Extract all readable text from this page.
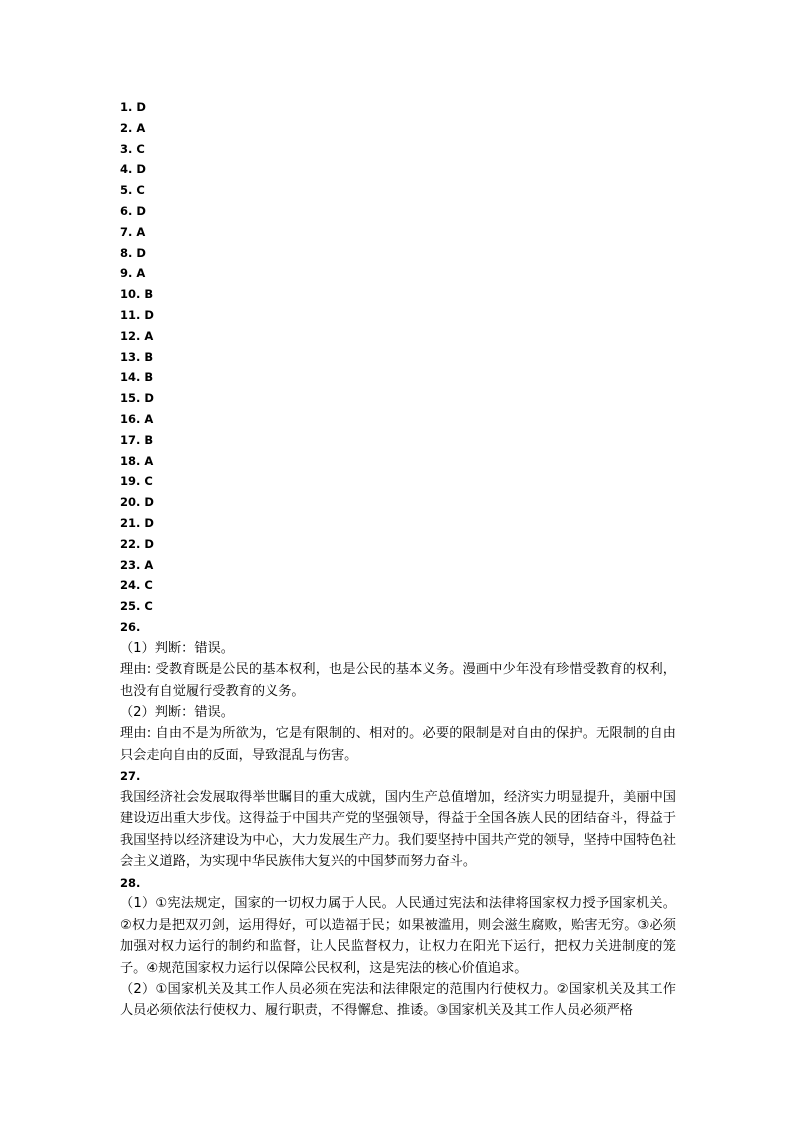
1. D
2. A
3. C
4. D
5. C
6. D
7. A
8. D
9. A
10. B
11. D
12. A
13. B
14. B
15. D
16. A
17. B
18. A
19. C
20. D
21. D
22. D
23. A
24. C
25. C
26.

（1）判断：错误。

理由: 受教育既是公民的基本权利，也是公民的基本义务。漫画中少年没有珍惜受教育的权利，也没有自觉履行受教育的义务。

（2）判断：错误。

理由: 自由不是为所欲为，它是有限制的、相对的。必要的限制是对自由的保护。无限制的自由只会走向自由的反面，导致混乱与伤害。

27.

我国经济社会发展取得举世瞩目的重大成就，国内生产总值增加，经济实力明显提升，美丽中国建设迈出重大步伐。这得益于中国共产党的坚强领导，得益于全国各族人民的团结奋斗，得益于我国坚持以经济建设为中心，大力发展生产力。我们要坚持中国共产党的领导，坚持中国特色社会主义道路，为实现中华民族伟大复兴的中国梦而努力奋斗。

28.

（1）①宪法规定，国家的一切权力属于人民。人民通过宪法和法律将国家权力授予国家机关。②权力是把双刃剑，运用得好，可以造福于民；如果被滥用，则会滋生腐败，贻害无穷。③必须加强对权力运行的制约和监督，让人民监督权力，让权力在阳光下运行，把权力关进制度的笼子。④规范国家权力运行以保障公民权利，这是宪法的核心价值追求。

（2）①国家机关及其工作人员必须在宪法和法律限定的范围内行使权力。②国家机关及其工作人员必须依法行使权力、履行职责，不得懈怠、推诿。③国家机关及其工作人员必须严格
